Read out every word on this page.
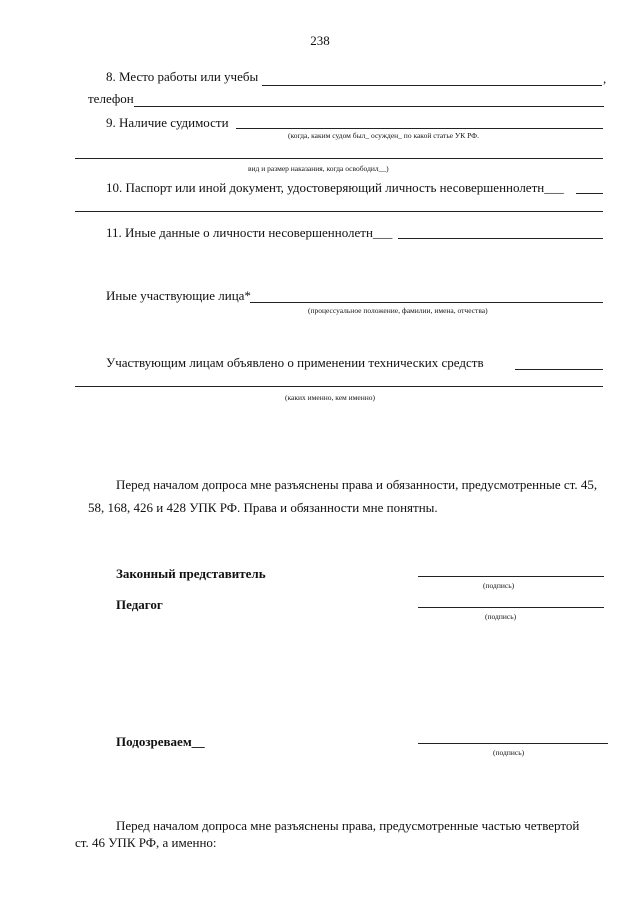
238
8. Место работы или учебы	,
телефон
9. Наличие судимости
(когда, каким судом был_ осужден_ по какой статье УК РФ.
вид и размер наказания, когда освободил__)
10. Паспорт или иной документ, удостоверяющий личность несовершеннолетн___
11. Иные данные о личности несовершеннолетн___
Иные участвующие лица*
(процессуальное положение, фамилии, имена, отчества)
Участвующим лицам объявлено о применении технических средств
(каких именно, кем именно)
Перед началом допроса мне разъяснены права и обязанности, предусмотренные ст. 45,
58, 168, 426 и 428 УПК РФ. Права и обязанности мне понятны.
Законный представитель
(подпись)
Педагог
(подпись)
Подозреваем__
(подпись)
Перед началом допроса мне разъяснены права, предусмотренные частью четвертой
ст. 46 УПК РФ, а именно:
